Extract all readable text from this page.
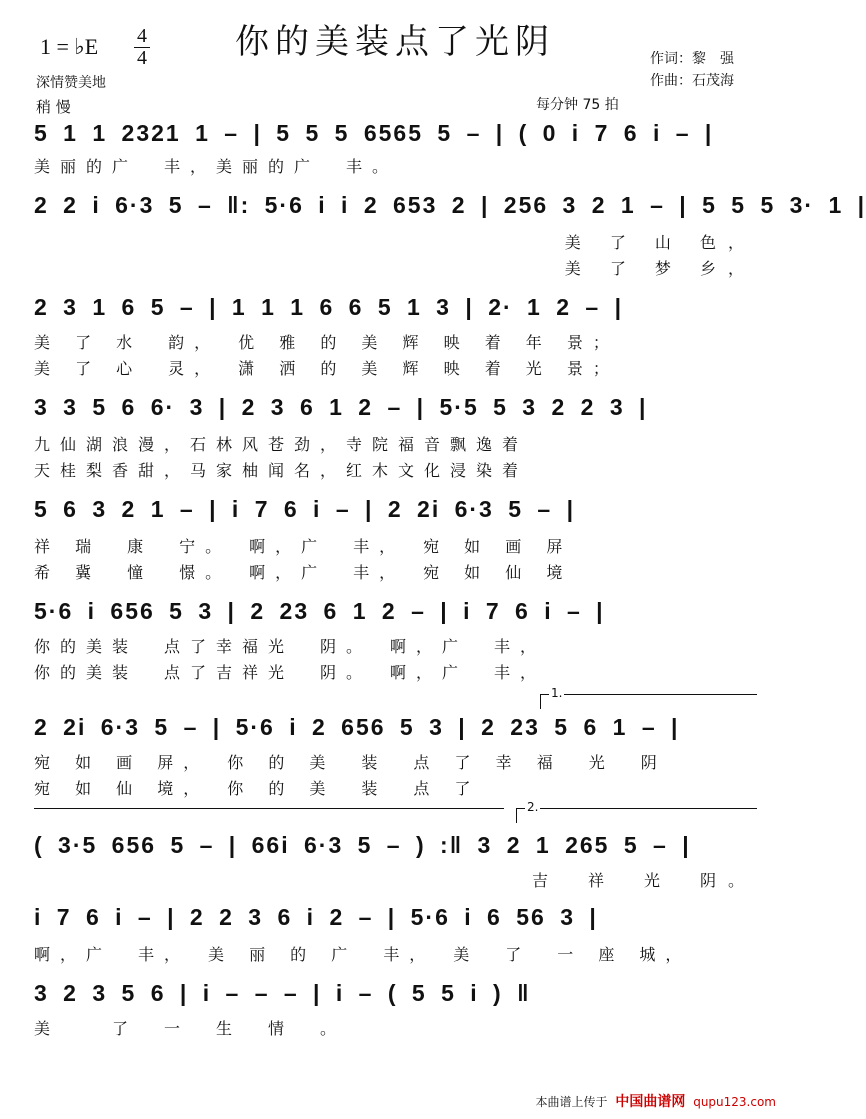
你的美装点了光阴
1 = ♭E 4
4
深情赞美地
作词：黎　强
作曲：石茂海
稍 慢	每分钟 75 拍
5 1 1 2321 1 – | 5 5 5 6565 5 – | ( 0 i 7 6 i – |
美丽的广　丰，美丽的广　丰。
2 2 i 6·3 5 – ‖: 5·6 i i 2 653 2 | 256 3 2 1 – | 5 5 5 3· 1 |
美 了 山 色，
美 了 梦 乡，
2 3 1 6 5 – | 1 1 1 6 6 5 1 3 | 2· 1 2 – |
美 了 水　韵，　优 雅 的 美 辉 映 着 年 景；
美 了 心　灵，　潇 洒 的 美 辉 映 着 光 景；
3 3 5 6 6· 3 | 2 3 6 1 2 – | 5·5 5 3 2 2 3 |
九仙湖浪漫，石林风苍劲，寺院福音飘逸着
天桂梨香甜，马家柚闻名，红木文化浸染着
5 6 3 2 1 – | i 7 6 i – | 2 2i 6·3 5 – |
祥 瑞　康　宁。　啊，广　丰，　宛 如 画 屏
希 冀　憧　憬。　啊，广　丰，　宛 如 仙 境
5·6 i 656 5 3 | 2 23 6 1 2 – | i 7 6 i – |
你的美装　点了幸福光　阴。　啊，广　丰，
你的美装　点了吉祥光　阴。　啊，广　丰，
1.
2 2i 6·3 5 – | 5·6 i 2 656 5 3 | 2 23 5 6 1 – |
宛 如 画 屏，　你 的 美　装　点 了 幸 福　光　阴
宛 如 仙 境，　你 的 美　装　点 了
2.
( 3·5 656 5 – | 66i 6·3 5 – ) :‖ 3 2 1 265 5 – |
吉　祥　光　阴。
i 7 6 i – | 2 2 3 6 i 2 – | 5·6 i 6 56 3 |
啊，广　丰，　美 丽 的 广　丰，　美　了　一 座 城，
3 2 3 5 6 | i – – – | i – ( 5 5 i ) ‖
美　　了　一　生　情　。
本曲谱上传于 中国曲谱网 qupu123.com
